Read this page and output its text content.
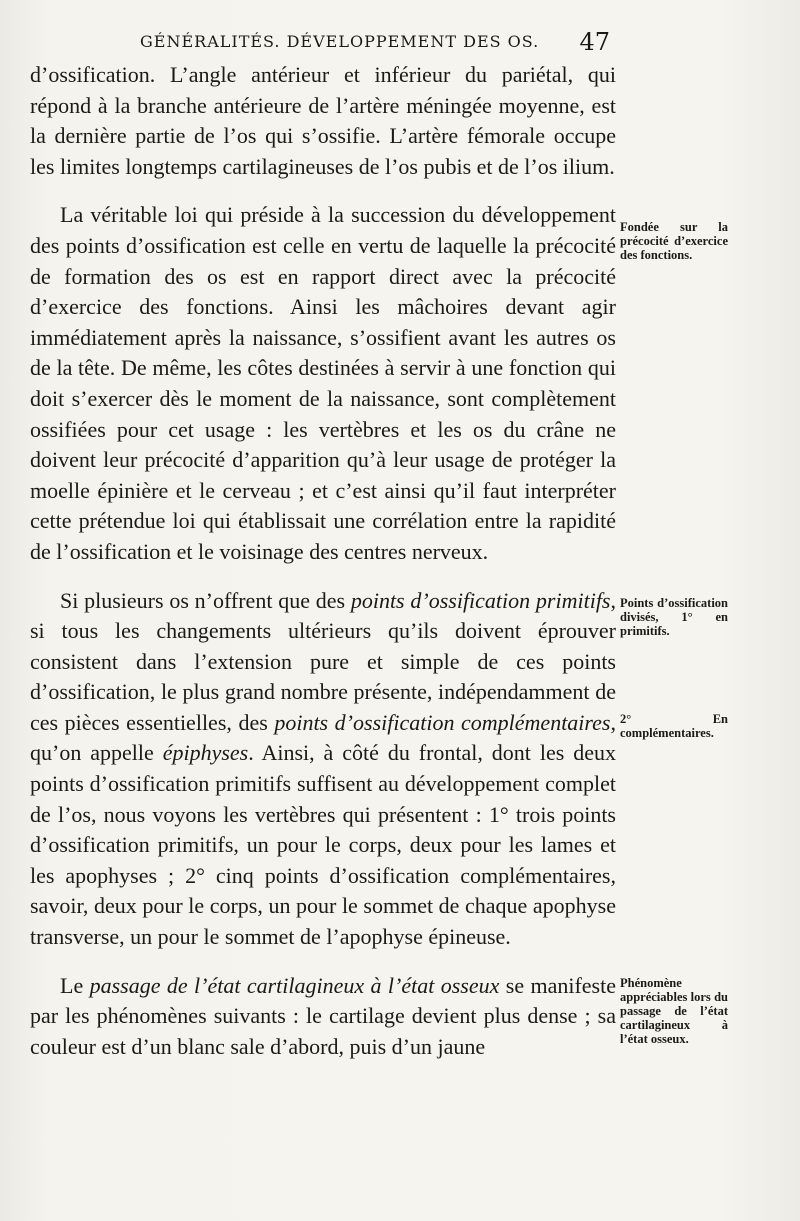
GÉNÉRALITÉS. DÉVELOPPEMENT DES OS. 47

d’ossification. L’angle antérieur et inférieur du pariétal, qui répond à la branche antérieure de l’artère méningée moyenne, est la dernière partie de l’os qui s’ossifie. L’artère fémorale occupe les limites longtemps cartilagineuses de l’os pubis et de l’os ilium.

La véritable loi qui préside à la succession du développement des points d’ossification est celle en vertu de laquelle la précocité de formation des os est en rapport direct avec la précocité d’exercice des fonctions. Ainsi les mâchoires devant agir immédiatement après la naissance, s’ossifient avant les autres os de la tête. De même, les côtes destinées à servir à une fonction qui doit s’exercer dès le moment de la naissance, sont complètement ossifiées pour cet usage : les vertèbres et les os du crâne ne doivent leur précocité d’apparition qu’à leur usage de protéger la moelle épinière et le cerveau ; et c’est ainsi qu’il faut interpréter cette prétendue loi qui établissait une corrélation entre la rapidité de l’ossification et le voisinage des centres nerveux.

Si plusieurs os n’offrent que des points d’ossification primitifs, si tous les changements ultérieurs qu’ils doivent éprouver consistent dans l’extension pure et simple de ces points d’ossification, le plus grand nombre présente, indépendamment de ces pièces essentielles, des points d’ossification complémentaires, qu’on appelle épiphyses. Ainsi, à côté du frontal, dont les deux points d’ossification primitifs suffisent au développement complet de l’os, nous voyons les vertèbres qui présentent : 1° trois points d’ossification primitifs, un pour le corps, deux pour les lames et les apophyses ; 2° cinq points d’ossification complémentaires, savoir, deux pour le corps, un pour le sommet de chaque apophyse transverse, un pour le sommet de l’apophyse épineuse.

Le passage de l’état cartilagineux à l’état osseux se manifeste par les phénomènes suivants : le cartilage devient plus dense ; sa couleur est d’un blanc sale d’abord, puis d’un jaune

Fondée sur la précocité d’exercice des fonctions.
Points d’ossification divisés, 1° en primitifs.
2° En complémentaires.
Phénomène appréciables lors du passage de l’état cartilagineux à l’état osseux.
